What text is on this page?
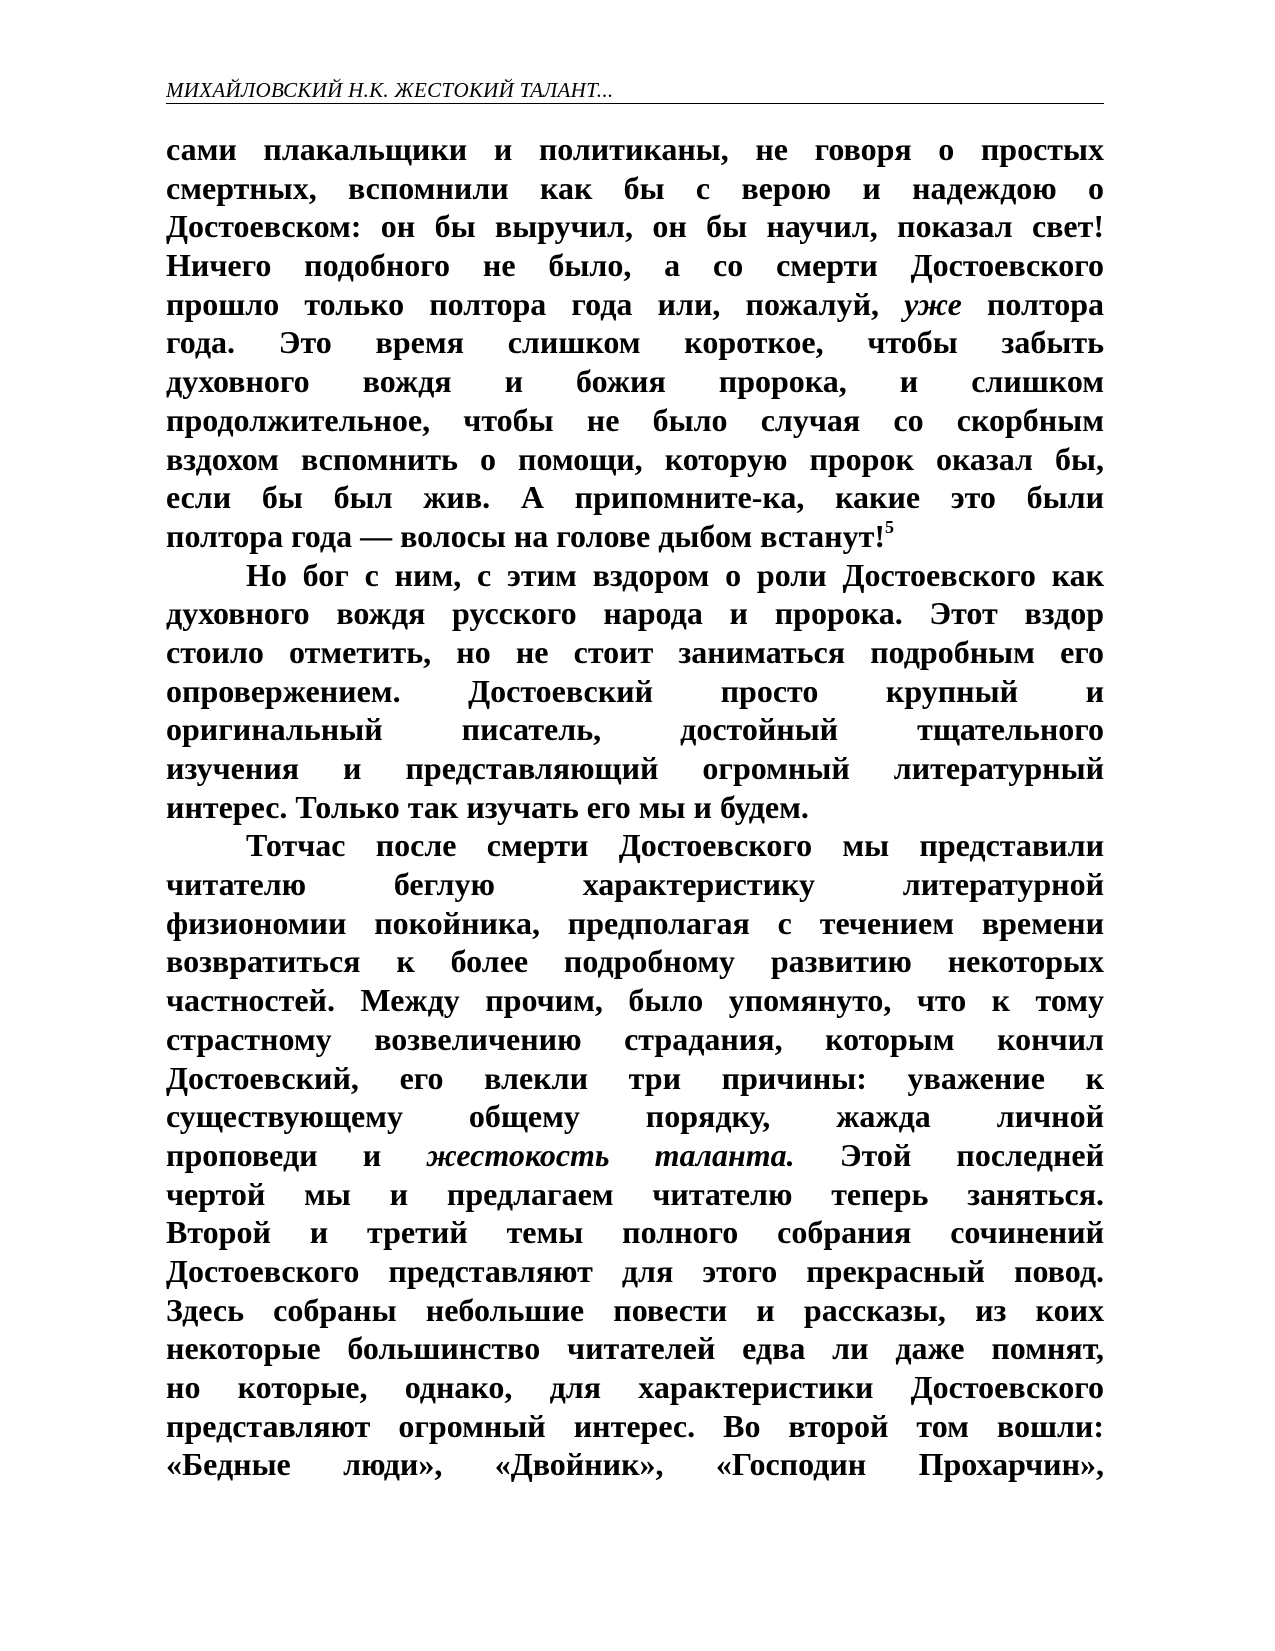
МИХАЙЛОВСКИЙ Н.К. ЖЕСТОКИЙ ТАЛАНТ...

сами плакальщики и политиканы, не говоря о простых
смертных, вспомнили как бы с верою и надеждою о
Достоевском: он бы выручил, он бы научил, показал свет!
Ничего подобного не было, а со смерти Достоевского
прошло только полтора года или, пожалуй, уже полтора
года. Это время слишком короткое, чтобы забыть
духовного вождя и божия пророка, и слишком
продолжительное, чтобы не было случая со скорбным
вздохом вспомнить о помощи, которую пророк оказал бы,
если бы был жив. А припомните-ка, какие это были
полтора года — волосы на голове дыбом встанут!$^5$

Но бог с ним, с этим вздором о роли Достоевского как
духовного вождя русского народа и пророка. Этот вздор
стоило отметить, но не стоит заниматься подробным его
опровержением. Достоевский просто крупный и
оригинальный писатель, достойный тщательного
изучения и представляющий огромный литературный
интерес. Только так изучать его мы и будем.

Тотчас после смерти Достоевского мы представили
читателю беглую характеристику литературной
физиономии покойника, предполагая с течением времени
возвратиться к более подробному развитию некоторых
частностей. Между прочим, было упомянуто, что к тому
страстному возвеличению страдания, которым кончил
Достоевский, его влекли три причины: уважение к
существующему общему порядку, жажда личной
проповеди и жестокость таланта. Этой последней
чертой мы и предлагаем читателю теперь заняться.
Второй и третий темы полного собрания сочинений
Достоевского представляют для этого прекрасный повод.
Здесь собраны небольшие повести и рассказы, из коих
некоторые большинство читателей едва ли даже помнят,
но которые, однако, для характеристики Достоевского
представляют огромный интерес. Во второй том вошли:
«Бедные люди», «Двойник», «Господин Прохарчин»,
